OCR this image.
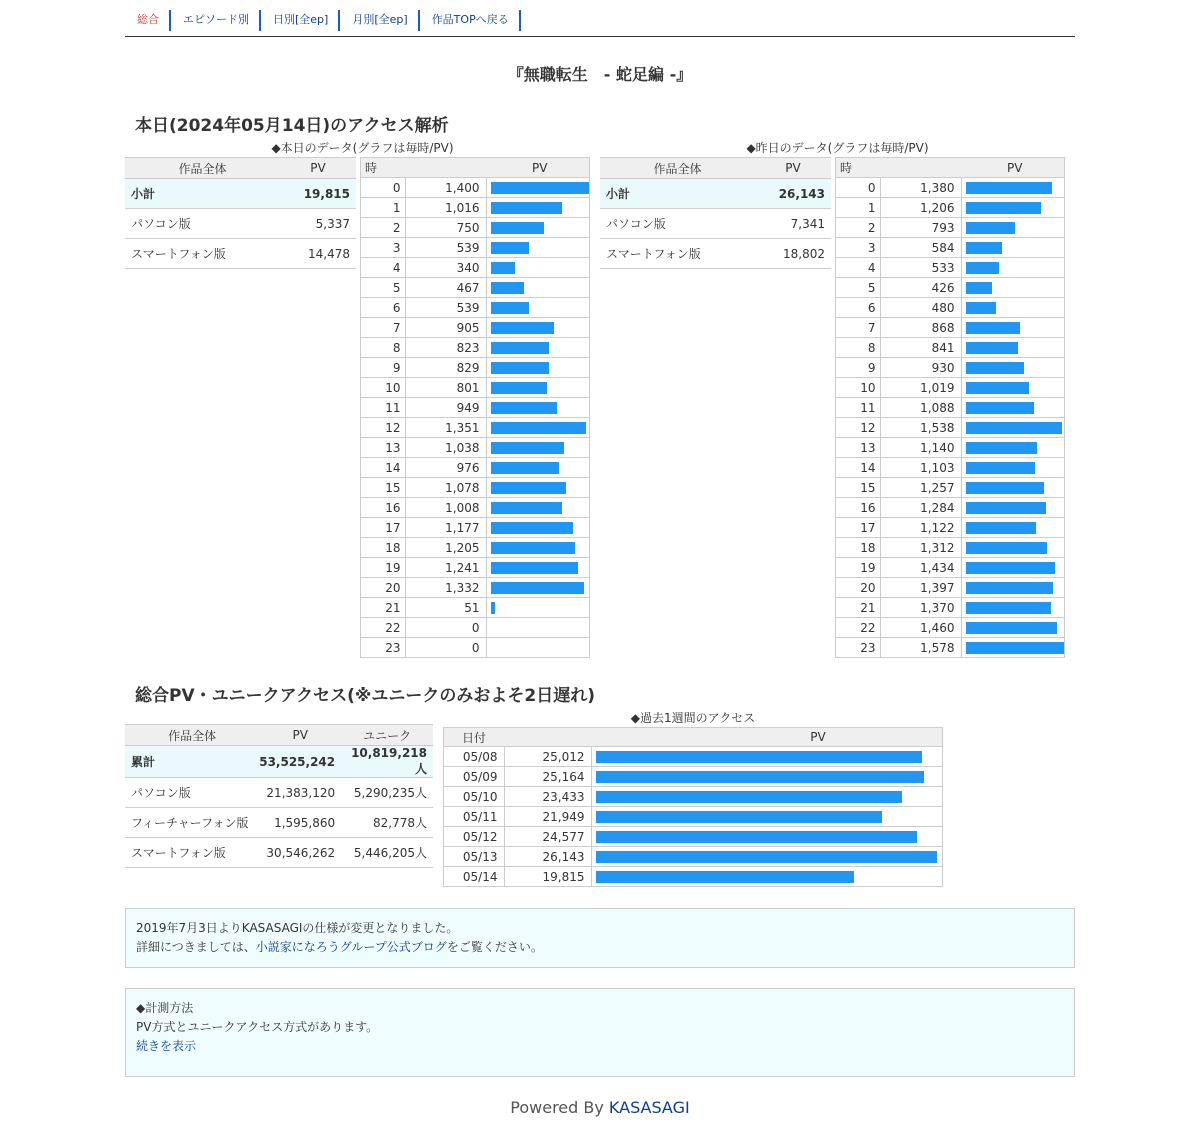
総合	エピソード別	日別[全ep]	月別[全ep]	作品TOPへ戻る
『無職転生　- 蛇足編 -』
本日(2024年05月14日)のアクセス解析
◆本日のデータ(グラフは毎時/PV)	◆昨日のデータ(グラフは毎時/PV)
作品全体	PV
小計	19,815
パソコン版	5,337
スマートフォン版	14,478
時	PV	
0	1,400	

1	1,016	

2	750	

3	539	

4	340	

5	467	

6	539	

7	905	

8	823	

9	829	

10	801	

11	949	

12	1,351	

13	1,038	

14	976	

15	1,078	

16	1,008	

17	1,177	

18	1,205	

19	1,241	

20	1,332	

21	51	

22	0	
23	0	
作品全体	PV
小計	26,143
パソコン版	7,341
スマートフォン版	18,802
時	PV	
0	1,380	

1	1,206	

2	793	

3	584	

4	533	

5	426	

6	480	

7	868	

8	841	

9	930	

10	1,019	

11	1,088	

12	1,538	

13	1,140	

14	1,103	

15	1,257	

16	1,284	

17	1,122	

18	1,312	

19	1,434	

20	1,397	

21	1,370	

22	1,460	

23	1,578	
総合PV・ユニークアクセス(※ユニークのみおよそ2日遅れ)
作品全体	PV	ユニーク
累計	53,525,242	10,819,218人
パソコン版	21,383,120	5,290,235人
フィーチャーフォン版	1,595,860	82,778人
スマートフォン版	30,546,262	5,446,205人
◆過去1週間のアクセス
日付	PV	
05/08	25,012	

05/09	25,164	

05/10	23,433	

05/11	21,949	

05/12	24,577	

05/13	26,143	

05/14	19,815	
2019年7月3日よりKASASAGIの仕様が変更となりました。
詳細につきましては、小説家になろうグループ公式ブログをご覧ください。
◆計測方法
PV方式とユニークアクセス方式があります。
続きを表示
Powered By KASASAGI
